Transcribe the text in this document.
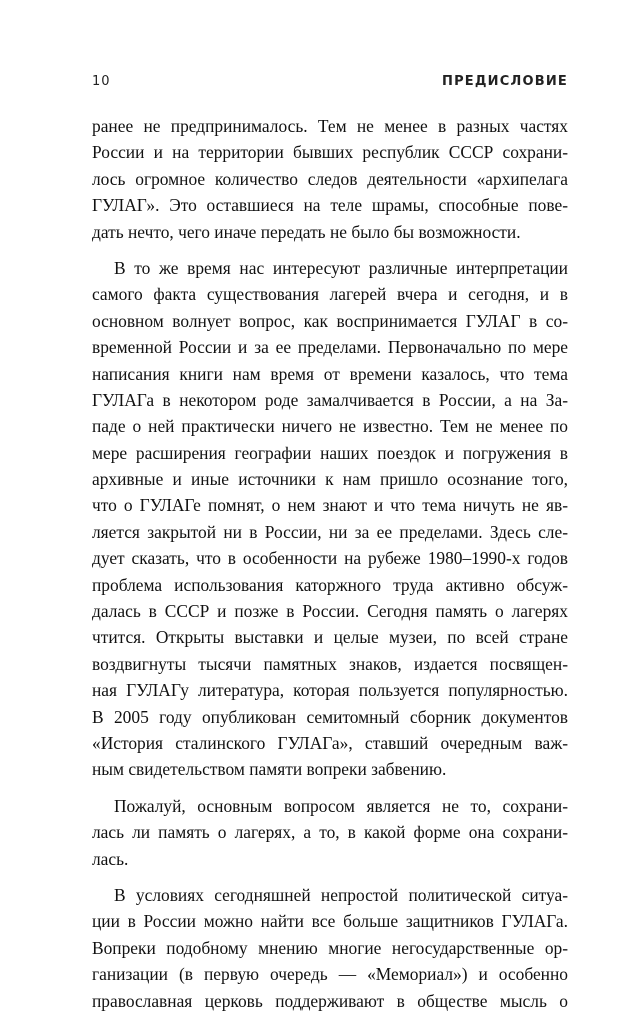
10	ПРЕДИСЛОВИЕ
ранее не предпринималось. Тем не менее в разных частях
России и на территории бывших республик СССР сохрани-
лось огромное количество следов деятельности «архипелага
ГУЛАГ». Это оставшиеся на теле шрамы, способные пове-
дать нечто, чего иначе передать не было бы возможности.
В то же время нас интересуют различные интерпретации
самого факта существования лагерей вчера и сегодня, и в
основном волнует вопрос, как воспринимается ГУЛАГ в со-
временной России и за ее пределами. Первоначально по мере
написания книги нам время от времени казалось, что тема
ГУЛАГа в некотором роде замалчивается в России, а на За-
паде о ней практически ничего не известно. Тем не менее по
мере расширения географии наших поездок и погружения в
архивные и иные источники к нам пришло осознание того,
что о ГУЛАГе помнят, о нем знают и что тема ничуть не яв-
ляется закрытой ни в России, ни за ее пределами. Здесь сле-
дует сказать, что в особенности на рубеже 1980–1990-х годов
проблема использования каторжного труда активно обсуж-
далась в СССР и позже в России. Сегодня память о лагерях
чтится. Открыты выставки и целые музеи, по всей стране
воздвигнуты тысячи памятных знаков, издается посвящен-
ная ГУЛАГу литература, которая пользуется популярностью.
В 2005 году опубликован семитомный сборник документов
«История сталинского ГУЛАГа», ставший очередным важ-
ным свидетельством памяти вопреки забвению.
Пожалуй, основным вопросом является не то, сохрани-
лась ли память о лагерях, а то, в какой форме она сохрани-
лась.
В условиях сегодняшней непростой политической ситуа-
ции в России можно найти все больше защитников ГУЛАГа.
Вопреки подобному мнению многие негосударственные ор-
ганизации (в первую очередь — «Мемориал») и особенно
православная церковь поддерживают в обществе мысль о
